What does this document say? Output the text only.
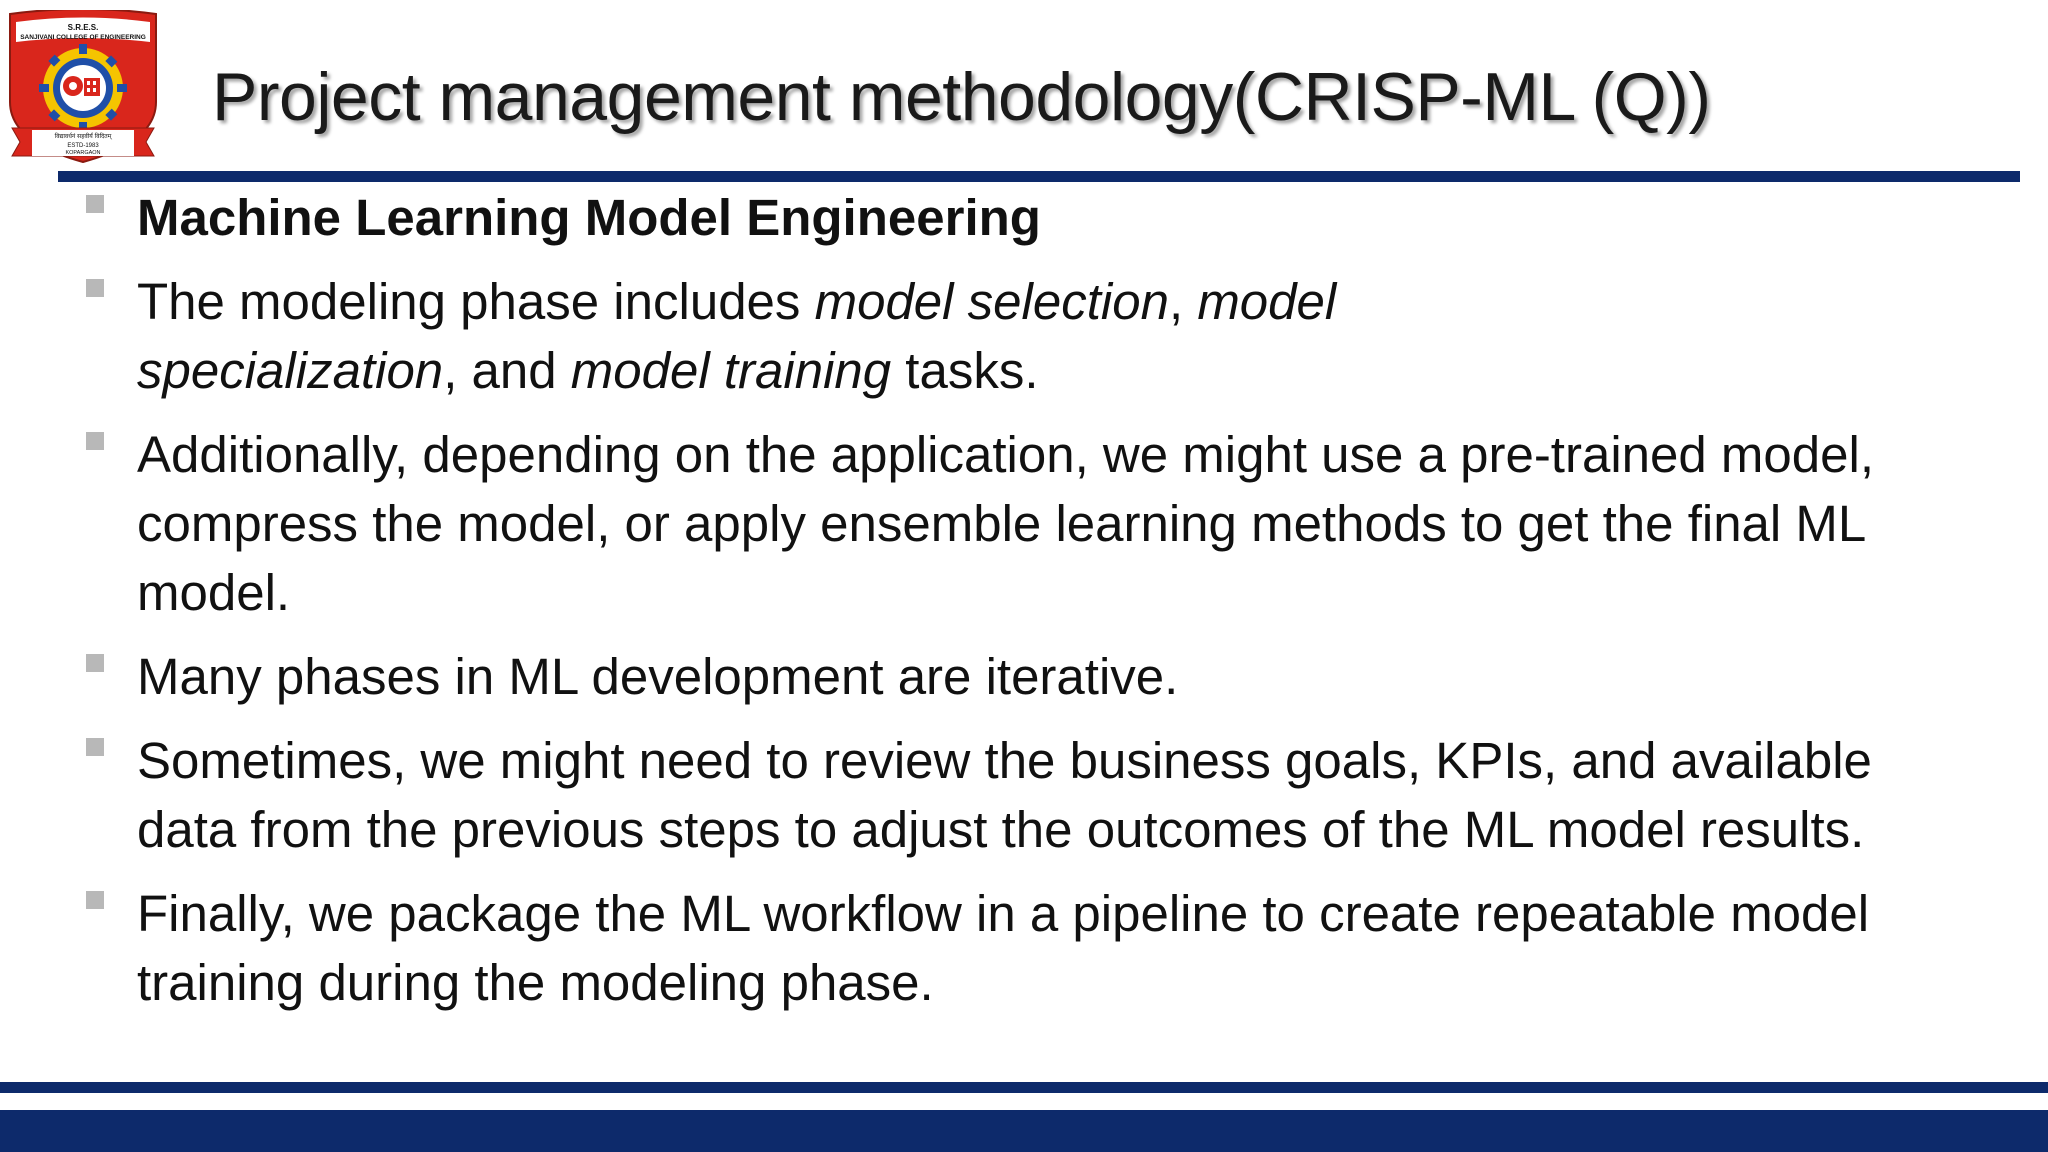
S.R.E.S.
SANJIVANI COLLEGE OF ENGINEERING
विद्यावर्धनं सहवीर्यं विदितम्
ESTD-1983
KOPARGAON
Project management methodology(CRISP-ML (Q))
Machine Learning Model Engineering
The modeling phase includes model selection, model
specialization, and model training tasks.
Additionally, depending on the application, we might use a pre-trained model, compress the model, or apply ensemble learning methods to get the final ML model.
Many phases in ML development are iterative.
Sometimes, we might need to review the business goals, KPIs, and available data from the previous steps to adjust the outcomes of the ML model results.
Finally, we package the ML workflow in a pipeline to create repeatable model training during the modeling phase.
